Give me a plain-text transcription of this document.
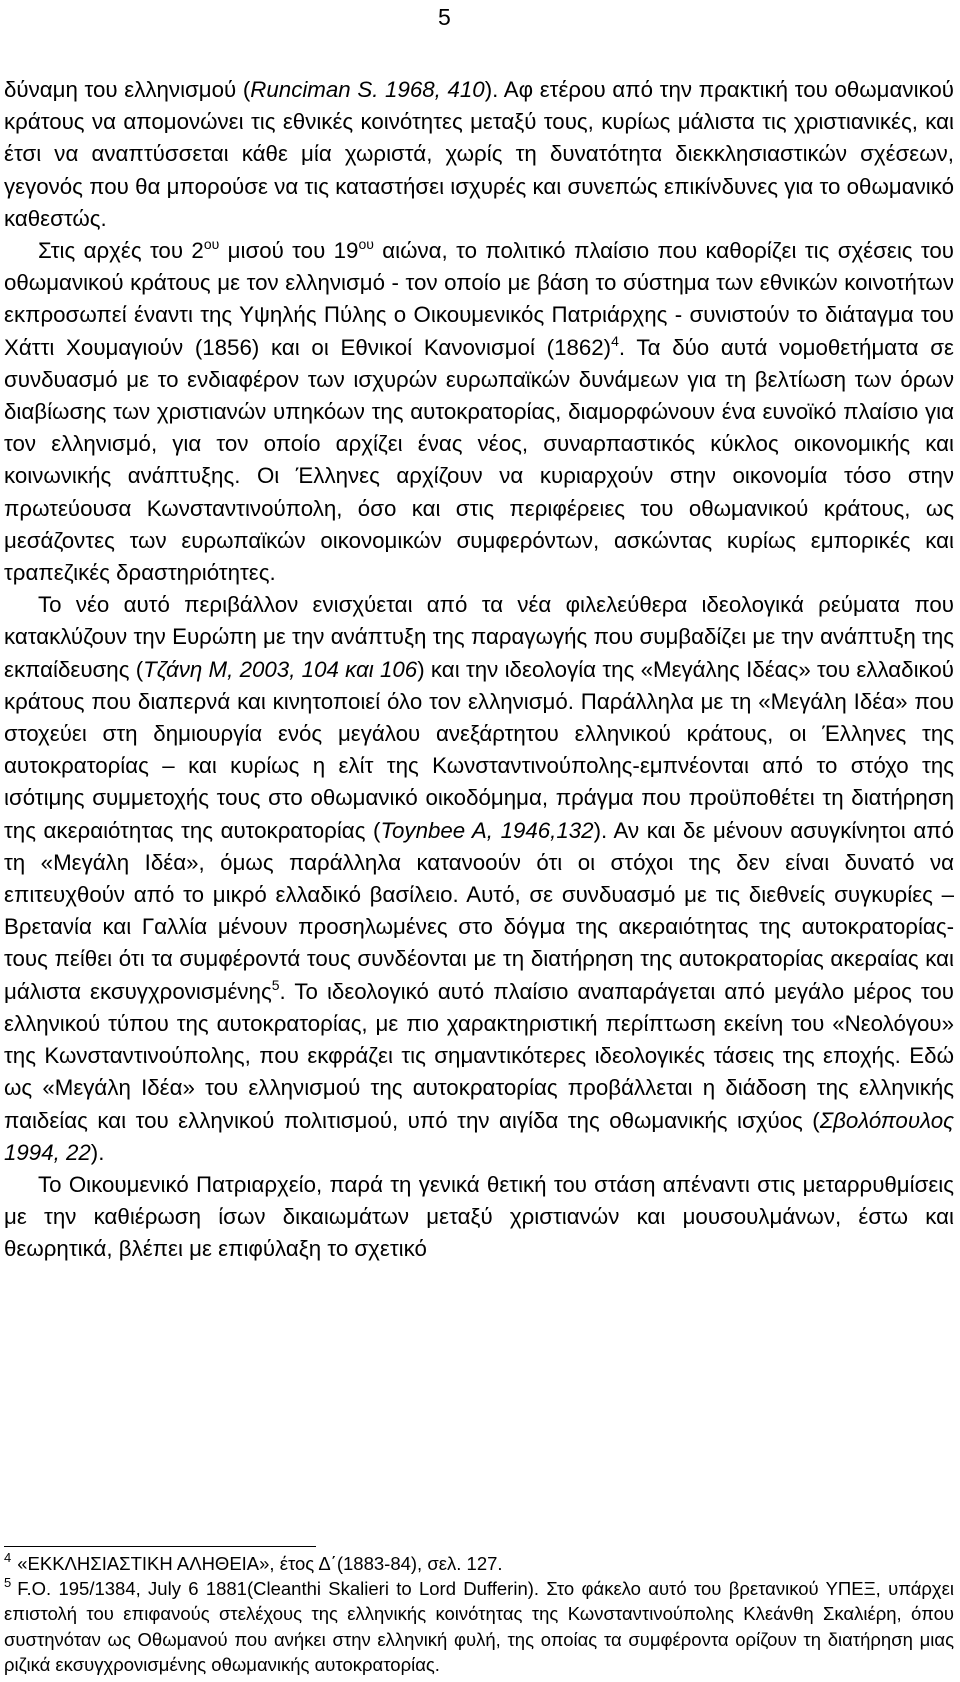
5

δύναμη του ελληνισμού (Runciman S. 1968, 410). Αφ ετέρου από την πρακτική του οθωμανικού κράτους να απομονώνει τις εθνικές κοινότητες μεταξύ τους, κυρίως μάλιστα τις χριστιανικές, και έτσι να αναπτύσσεται κάθε μία χωριστά, χωρίς τη δυνατότητα διεκκλησιαστικών σχέσεων, γεγονός που θα μπορούσε να τις καταστήσει ισχυρές και συνεπώς επικίνδυνες για το οθωμανικό καθεστώς.

Στις αρχές του $2^{o\upsilon}$ μισού του $19^{o\upsilon}$ αιώνα, το πολιτικό πλαίσιο που καθορίζει τις σχέσεις του οθωμανικού κράτους με τον ελληνισμό - τον οποίο με βάση το σύστημα των εθνικών κοινοτήτων εκπροσωπεί έναντι της Υψηλής Πύλης ο Οικουμενικός Πατριάρχης - συνιστούν το διάταγμα του Χάττι Χουμαγιούν (1856) και οι Εθνικοί Κανονισμοί $(1862)^4$. Τα δύο αυτά νομοθετήματα σε συνδυασμό με το ενδιαφέρον των ισχυρών ευρωπαϊκών δυνάμεων για τη βελτίωση των όρων διαβίωσης των χριστιανών υπηκόων της αυτοκρατορίας, διαμορφώνουν ένα ευνοϊκό πλαίσιο για τον ελληνισμό, για τον οποίο αρχίζει ένας νέος, συναρπαστικός κύκλος οικονομικής και κοινωνικής ανάπτυξης. Οι Έλληνες αρχίζουν να κυριαρχούν στην οικονομία τόσο στην πρωτεύουσα Κωνσταντινούπολη, όσο και στις περιφέρειες του οθωμανικού κράτους, ως μεσάζοντες των ευρωπαϊκών οικονομικών συμφερόντων, ασκώντας κυρίως εμπορικές και τραπεζικές δραστηριότητες.

Το νέο αυτό περιβάλλον ενισχύεται από τα νέα φιλελεύθερα ιδεολογικά ρεύματα που κατακλύζουν την Ευρώπη με την ανάπτυξη της παραγωγής που συμβαδίζει με την ανάπτυξη της εκπαίδευσης (Τζάνη Μ, 2003, 104 και 106) και την ιδεολογία της «Μεγάλης Ιδέας» του ελλαδικού κράτους που διαπερνά και κινητοποιεί όλο τον ελληνισμό. Παράλληλα με τη «Μεγάλη Ιδέα» που στοχεύει στη δημιουργία ενός μεγάλου ανεξάρτητου ελληνικού κράτους, οι Έλληνες της αυτοκρατορίας – και κυρίως η ελίτ της Κωνσταντινούπολης-εμπνέονται από το στόχο της ισότιμης συμμετοχής τους στο οθωμανικό οικοδόμημα, πράγμα που προϋποθέτει τη διατήρηση της ακεραιότητας της αυτοκρατορίας (Toynbee A, 1946,132). Αν και δε μένουν ασυγκίνητοι από τη «Μεγάλη Ιδέα», όμως παράλληλα κατανοούν ότι οι στόχοι της δεν είναι δυνατό να επιτευχθούν από το μικρό ελλαδικό βασίλειο. Αυτό, σε συνδυασμό με τις διεθνείς συγκυρίες – Βρετανία και Γαλλία μένουν προσηλωμένες στο δόγμα της ακεραιότητας της αυτοκρατορίας- τους πείθει ότι τα συμφέροντά τους συνδέονται με τη διατήρηση της αυτοκρατορίας ακεραίας και μάλιστα εκσυγχρονισμένης$^5$. Το ιδεολογικό αυτό πλαίσιο αναπαράγεται από μεγάλο μέρος του ελληνικού τύπου της αυτοκρατορίας, με πιο χαρακτηριστική περίπτωση εκείνη του «Νεολόγου» της Κωνσταντινούπολης, που εκφράζει τις σημαντικότερες ιδεολογικές τάσεις της εποχής. Εδώ ως «Μεγάλη Ιδέα» του ελληνισμού της αυτοκρατορίας προβάλλεται η διάδοση της ελληνικής παιδείας και του ελληνικού πολιτισμού, υπό την αιγίδα της οθωμανικής ισχύος (Σβολόπουλος 1994, 22).

Το Οικουμενικό Πατριαρχείο, παρά τη γενικά θετική του στάση απέναντι στις μεταρρυθμίσεις με την καθιέρωση ίσων δικαιωμάτων μεταξύ χριστιανών και μουσουλμάνων, έστω και θεωρητικά, βλέπει με επιφύλαξη το σχετικό

$^4$ «ΕΚΚΛΗΣΙΑΣΤΙΚΗ ΑΛΗΘΕΙΑ», έτος Δ΄(1883-84), σελ. 127.

$^5$ F.O. 195/1384, July 6 1881(Cleanthi Skalieri to Lord Dufferin). Στο φάκελο αυτό του βρετανικού ΥΠΕΞ, υπάρχει επιστολή του επιφανούς στελέχους της ελληνικής κοινότητας της Κωνσταντινούπολης Κλεάνθη Σκαλιέρη, όπου συστηνόταν ως Οθωμανού που ανήκει στην ελληνική φυλή, της οποίας τα συμφέροντα ορίζουν τη διατήρηση μιας ριζικά εκσυγχρονισμένης οθωμανικής αυτοκρατορίας.
